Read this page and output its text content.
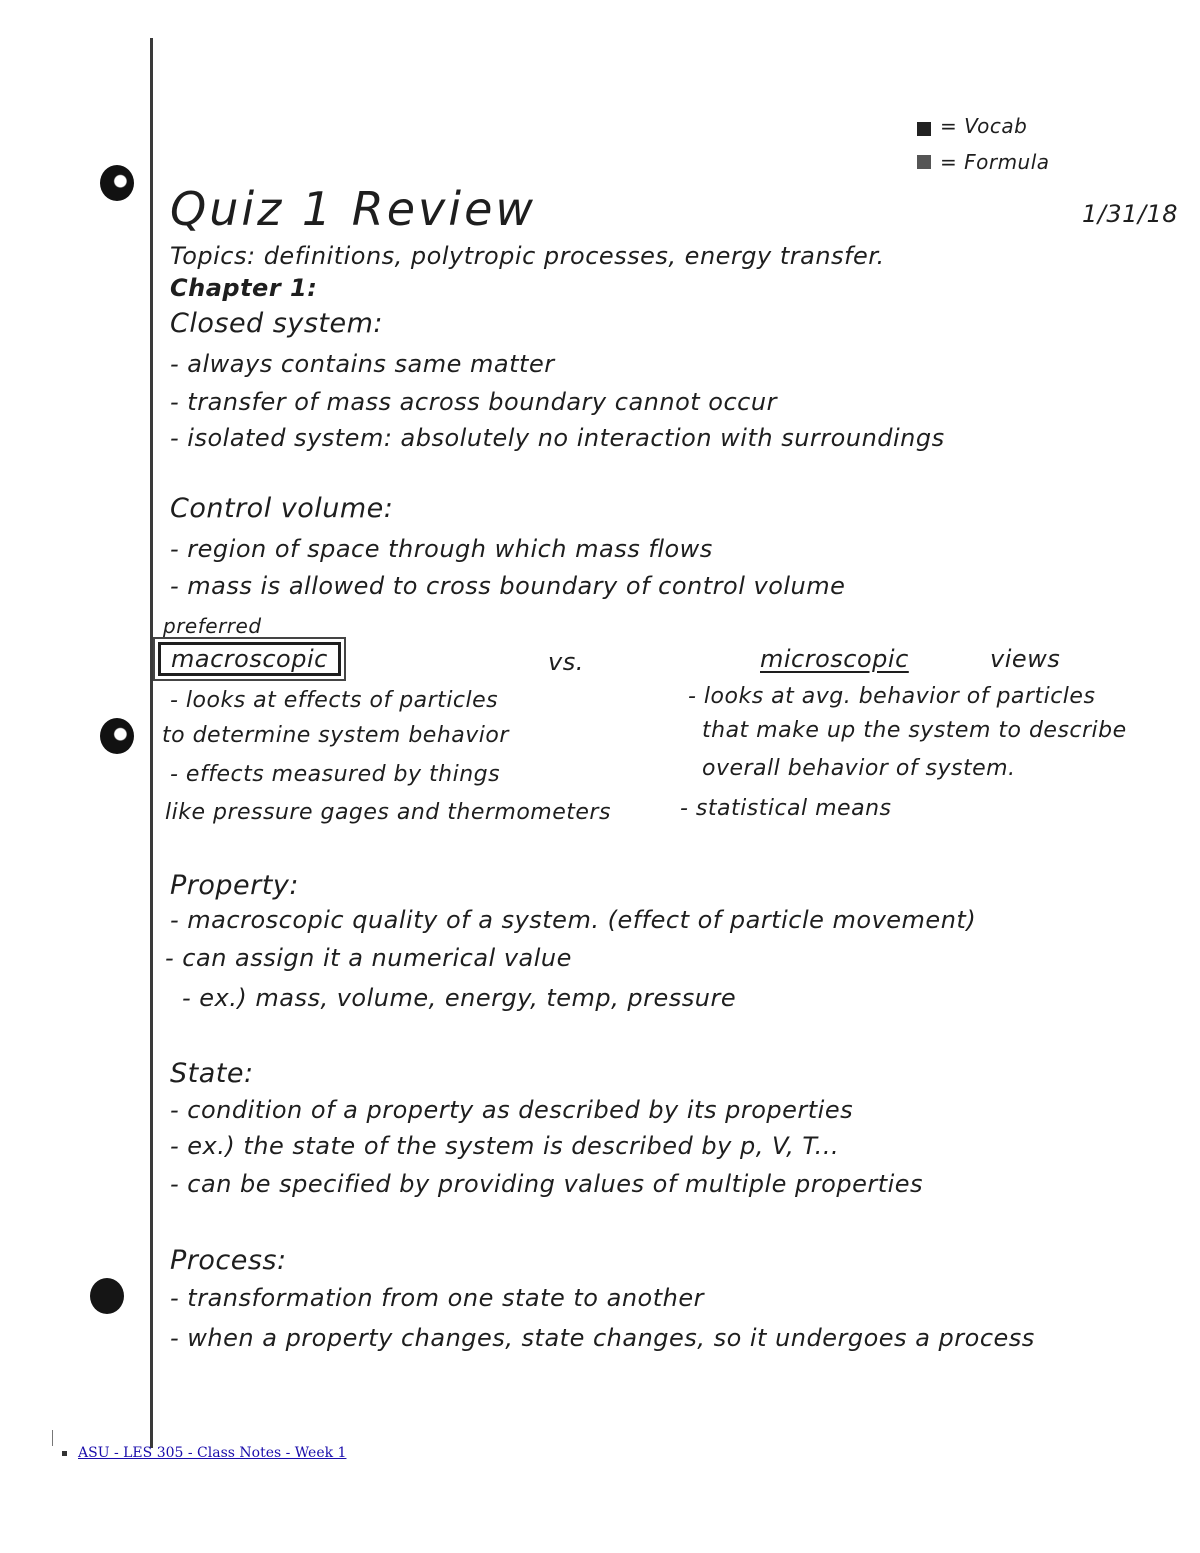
= Vocab
= Formula
Quiz 1 Review	1/31/18
Topics: definitions, polytropic processes, energy transfer.
Chapter 1:
Closed system:
- always contains same matter
- transfer of mass across boundary cannot occur
- isolated system: absolutely no interaction with surroundings
Control volume:
- region of space through which mass flows
- mass is allowed to cross boundary of control volume
preferred
macroscopic	vs.	microscopic	views
- looks at effects of particles
to determine system behavior
- effects measured by things
like pressure gages and thermometers
- looks at avg. behavior of particles
that make up the system to describe
overall behavior of system.
- statistical means
Property:
- macroscopic quality of a system. (effect of particle movement)
- can assign it a numerical value
- ex.) mass, volume, energy, temp, pressure
State:
- condition of a property as described by its properties
- ex.) the state of the system is described by p, V, T...
- can be specified by providing values of multiple properties
Process:
- transformation from one state to another
- when a property changes, state changes, so it undergoes a process
ASU - LES 305 - Class Notes - Week 1
